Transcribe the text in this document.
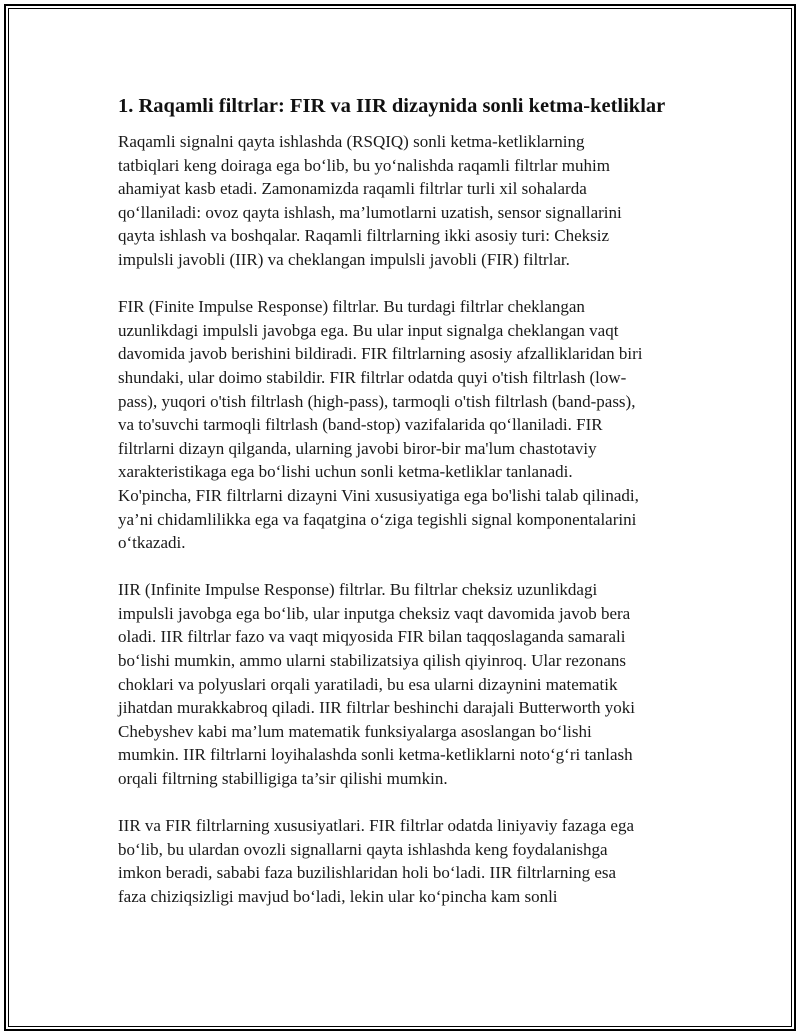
1. Raqamli filtrlar: FIR va IIR dizaynida sonli ketma-ketliklar
Raqamli signalni qayta ishlashda (RSQIQ) sonli ketma-ketliklarning
tatbiqlari keng doiraga ega bo‘lib, bu yo‘nalishda raqamli filtrlar muhim
ahamiyat kasb etadi. Zamonamizda raqamli filtrlar turli xil sohalarda
qo‘llaniladi: ovoz qayta ishlash, ma’lumotlarni uzatish, sensor signallarini
qayta ishlash va boshqalar. Raqamli filtrlarning ikki asosiy turi: Cheksiz
impulsli javobli (IIR) va cheklangan impulsli javobli (FIR) filtrlar.
FIR (Finite Impulse Response) filtrlar. Bu turdagi filtrlar cheklangan
uzunlikdagi impulsli javobga ega. Bu ular input signalga cheklangan vaqt
davomida javob berishini bildiradi. FIR filtrlarning asosiy afzalliklaridan biri
shundaki, ular doimo stabildir. FIR filtrlar odatda quyi o'tish filtrlash (low-
pass), yuqori o'tish filtrlash (high-pass), tarmoqli o'tish filtrlash (band-pass),
va to'suvchi tarmoqli filtrlash (band-stop) vazifalarida qo‘llaniladi. FIR
filtrlarni dizayn qilganda, ularning javobi biror-bir ma'lum chastotaviy
xarakteristikaga ega bo‘lishi uchun sonli ketma-ketliklar tanlanadi.
Ko'pincha, FIR filtrlarni dizayni Vini xususiyatiga ega bo'lishi talab qilinadi,
ya’ni chidamlilikka ega va faqatgina o‘ziga tegishli signal komponentalarini
o‘tkazadi.
IIR (Infinite Impulse Response) filtrlar. Bu filtrlar cheksiz uzunlikdagi
impulsli javobga ega bo‘lib, ular inputga cheksiz vaqt davomida javob bera
oladi. IIR filtrlar fazo va vaqt miqyosida FIR bilan taqqoslaganda samarali
bo‘lishi mumkin, ammo ularni stabilizatsiya qilish qiyinroq. Ular rezonans
choklari va polyuslari orqali yaratiladi, bu esa ularni dizaynini matematik
jihatdan murakkabroq qiladi. IIR filtrlar beshinchi darajali Butterworth yoki
Chebyshev kabi ma’lum matematik funksiyalarga asoslangan bo‘lishi
mumkin. IIR filtrlarni loyihalashda sonli ketma-ketliklarni noto‘g‘ri tanlash
orqali filtrning stabilligiga ta’sir qilishi mumkin.
IIR va FIR filtrlarning xususiyatlari. FIR filtrlar odatda liniyaviy fazaga ega
bo‘lib, bu ulardan ovozli signallarni qayta ishlashda keng foydalanishga
imkon beradi, sababi faza buzilishlaridan holi bo‘ladi. IIR filtrlarning esa
faza chiziqsizligi mavjud bo‘ladi, lekin ular ko‘pincha kam sonli
